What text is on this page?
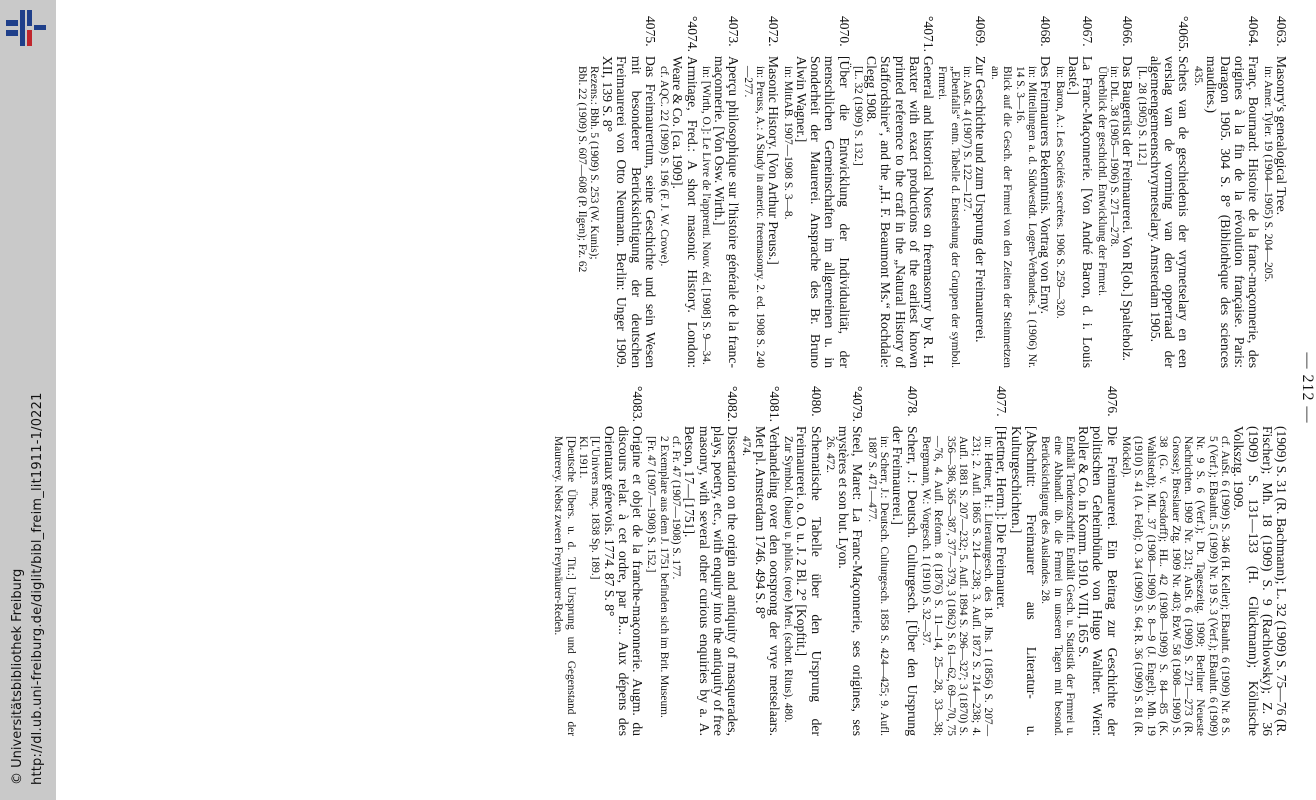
http://dl.ub.uni-freiburg.de/diglit/bibl_freim_lit1911-1/0221
© Universitätsbibliothek Freiburg
— 212 —
4063.
Masonry's genealogical Tree.
in: Amer. Tyler. 19 (1904—1905) S. 204—205.
4064.
Franç. Bournard: Histoire de la franc-maçonnerie, des origines à la fin de la révolution française. Paris: Daragon 1905. 304 S. 8° (Bibliothèque des sciences maudites.)
435.
°4065.
Schets van de geschiedenis der vrymetselary en een verslag van de vorming van den opperraad der algemeengemeenschvrymetselary. Amsterdam 1905.
[L. 28 (1905) S. 112.]
4066.
Das Baugerüst der Freimaurerei. Von R[ob.] Spalteholz.
in: DtL. 38 (1905—1906) S. 271—278.
Überblick der geschichtl. Entwicklung der Frmrei.
4067.
La Franc-Maçonnerie. [Von André Baron, d. i. Louis Dasté.]
in: Baron, A.: Les Sociétés secrètes. 1906 S. 259—320.
4068.
Des Freimaurers Bekenntnis. Vortrag von Erny.
in: Mitteilungen a. d. Südwestdt. Logen-Verbandes. 1 (1906) Nr. 14 S. 3—16.
Blick auf die Gesch. der Frmrei von den Zeiten der Steinmetzen an.
4069.
Zur Geschichte und zum Ursprung der Freimaurerei.
in: AuSt. 4 (1907) S. 122—127.
„Ebenfalls“ entn. Tabelle d. Entstehung der Gruppen der symbol. Frmrei.
°4071.
General and historical Notes on freemasonry by R. H. Baxter with exact productions of the earliest known printed reference to the craft in the „Natural History of Staffordshire“, and the „H. F. Beaumont Ms.“ Rochdale: Clegg 1908.
[L. 32 (1909) S. 132.]
4070.
[Über die Entwicklung der Individualität, der menschlichen Gemeinschaften im allgemeinen u. in Sonderheit der Maurerei. Ansprache des Br. Bruno Alwin Wagner.]
in: MittAB. 1907—1908 S. 3—8.
4072.
Masonic History. [Von Arthur Preuss.]
in: Preuss, A.: A Study in americ. freemasonry. 2. ed. 1908 S. 240—277.
4073.
Aperçu philosophique sur l'histoire générale de la franc-maçonnerie. [Von Osw. Wirth.]
in: [Wirth, O.]: Le Livre de l'apprenti. Nouv. éd. [1908] S. 9—34.
°4074.
Armitage, Fred.: A short masonic History. London: Weare & Co. [ca. 1909].
cf. AQC. 22 (1909) S. 196 (F. J. W. Crowe).
4075.
Das Freimaurertum, seine Geschichte und sein Wesen mit besonderer Berücksichtigung der deutschen Freimaurerei von Otto Neumann. Berlin: Unger 1909. XII, 139 S. 8°
Rezens.: Bbh. 5 (1909) S. 253 (W. Kunis);
Bbl. 22 (1909) S. 607—608 (P. Ilgen); Fz. 62
(1909) S. 31 (R. Bachmann); L. 32 (1909) S. 75—76 (R. Fischer); Mh. 18 (1909) S. 9 (Rachlowsky); Z. 36 (1909) S. 131—133 (H. Glückmann); Kölnische Volksztg. 1909.
cf. AuSt. 6 (1909) S. 346 (H. Keller); EBauhtt. 6 (1909) Nr. 8 S. 5 (Verf.); EBauhtt. 5 (1909) Nr. 19 S. 3 (Verf.); EBauhtt. 6 (1909) Nr. 9 S. 6 (Verf.); Dt. Tageszeitg. 1909; Berliner Neueste Nachrichten. 1909 Nr. 231; AuSt. 6 (1909) S. 271—273 (R. Grosse); Breslauer Ztg. 1909 Nr. 403; BzW. 58 (1908—1909) S. 38 (G. v. Gersdorff); HL. 42 (1908—1909) S. 84—85 (K. Wahlstedt); ML. 37 (1908—1909) S. 8—9 (J. Engel); Mh. 19 (1910) S. 41 (A. Feld); O. 34 (1909) S. 64; R. 36 (1909) S. 81 (R. Möckel).
4076.
Die Freimaurerei. Ein Beitrag zur Geschichte der politischen Geheimbünde von Hugo Walther. Wien: Roller & Co. in Komm. 1910. VIII, 165 S.
Enthält Tendenzschrift. Enthält Gesch. u. Statistik der Frmrei u. eine Abhandl. üb. die Frmrei in unseren Tagen mit besond. Berücksichtigung des Auslandes. 28.
[Abschnitt: Freimaurer aus Literatur- u. Kulturgeschichten.]
4077.
[Hettner, Herm.]: Die Freimaurer.
in: Hettner, H.: Literaturgesch. des 18. Jhs. 1 (1856) S. 207—231; 2. Aufl. 1865 S. 214—238; 3. Aufl. 1872 S. 214—238; 4. Aufl. 1881 S. 207—232; 5. Aufl. 1894 S. 296—327; 3 (1870) S. 356—386, 365—387, 377—379, 3 (1862) S. 61—62, 69—70, 75—76, 4. Aufl. Reform. 8 (1876) S. 11—14, 25—28, 33—38; Bergmann, W.: Vorgesch. 1 (1910) S. 32—37.
4078.
Scherr, J.: Deutsch. Culturgesch. [Über den Ursprung der Freimaurerei.]
in: Scherr, J.: Deutsch. Culturgesch. 1858 S. 424—425; 9. Aufl. 1887 S. 471—477.
°4079.
Steel, Maret: La Franc-Maçonnerie, ses origines, ses mystères et son but. Lyon.
26. 472.
4080.
Schematische Tabelle über den Ursprung der Freimaurerei. o. O. u. J. 2 Bl. 2° [Kopftit.]
Zur Symbol. (blaue) u. philos. (rote) Mrei. (schott. Ritus). 480.
°4081.
Verhandeling over den oorsprong der vrye metselaars. Met pl. Amsterdam 1746. 494 S. 8°
474.
°4082.
Dissertation on the origin and antiquity of masquerades, plays, poetry, etc., with enquiry into the antiquity of free masonry, with several other curious enquiries by a. A. Betson, 17—[1751].
cf. Fr. 47 (1907—1908) S. 177.
2 Exemplare aus dem J. 1751 befinden sich im Brit. Museum.
[Fr. 47 (1907—1908) S. 152.]
°4083.
Origine et objet de la franche-maçonnerie. Augm. du discours relat. à cet ordre, par B... Aux dépens des Orientaux génevois. 1774. 87 S. 8°
[L'Univers maç. 1838 Sp. 189.]
Kl. 1911.
[Deutsche Übers. u. d. Tit.:] Ursprung und Gegenstand der Maurerey. Nebst zween Freymäurer-Reden.
